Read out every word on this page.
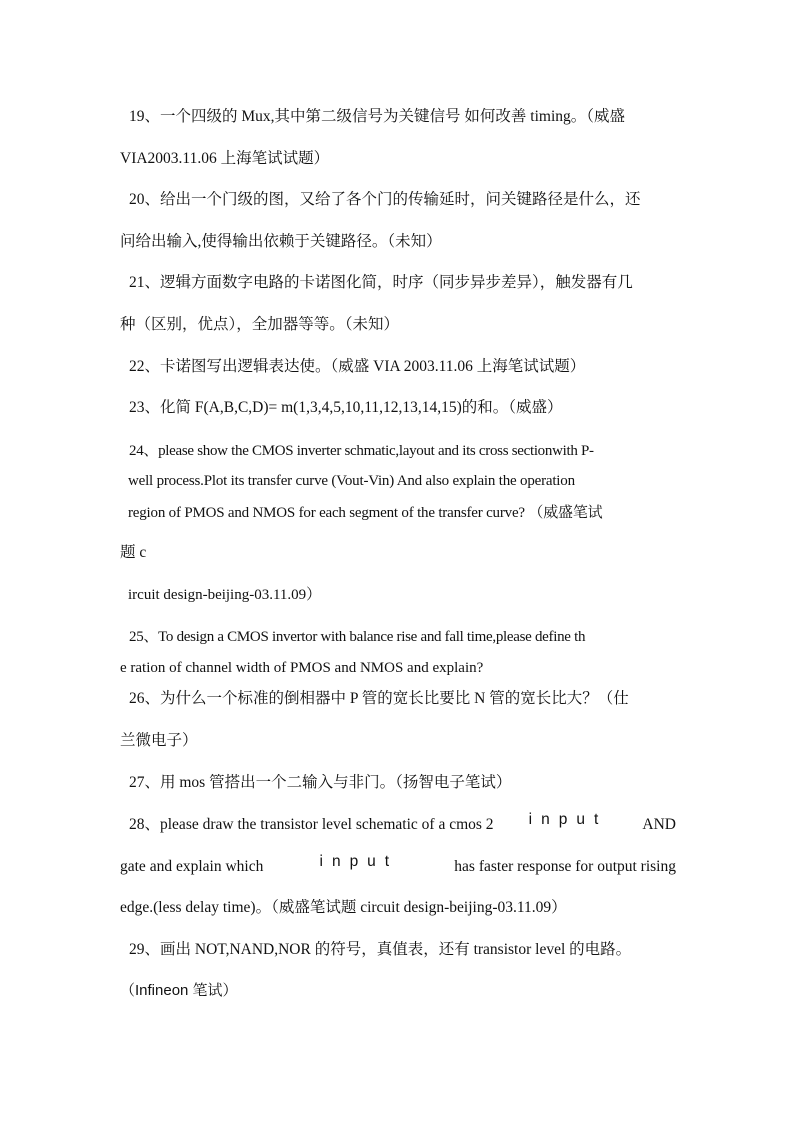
19、一个四级的 Mux,其中第二级信号为关键信号 如何改善 timing。（威盛

VIA2003.11.06 上海笔试试题）

20、给出一个门级的图，又给了各个门的传输延时，问关键路径是什么，还

问给出输入,使得输出依赖于关键路径。（未知）

21、逻辑方面数字电路的卡诺图化简，时序（同步异步差异），触发器有几

种（区别，优点），全加器等等。（未知）

22、卡诺图写出逻辑表达使。（威盛 VIA 2003.11.06 上海笔试试题）

23、化简 F(A,B,C,D)= m(1,3,4,5,10,11,12,13,14,15)的和。（威盛）

24、please show the CMOS inverter schmatic,layout and its cross sectionwith P-

well process.Plot its transfer curve (Vout-Vin) And also explain the operation

region of PMOS and NMOS for each segment of the transfer curve? （威盛笔试

题 c

ircuit design-beijing-03.11.09）

25、To design a CMOS invertor with balance rise and fall time,please define th

e ration of channel width of PMOS and NMOS and explain?

26、为什么一个标准的倒相器中 P 管的宽长比要比 N 管的宽长比大？（仕

兰微电子）

27、用 mos 管搭出一个二输入与非门。（扬智电子笔试）

28、please draw the transistor level schematic of a cmos 2 input AND
gate and explain which	input	has faster response for output rising

edge.(less delay time)。（威盛笔试题 circuit design-beijing-03.11.09）

29、画出 NOT,NAND,NOR 的符号，真值表，还有 transistor level 的电路。

（Infineon 笔试）
